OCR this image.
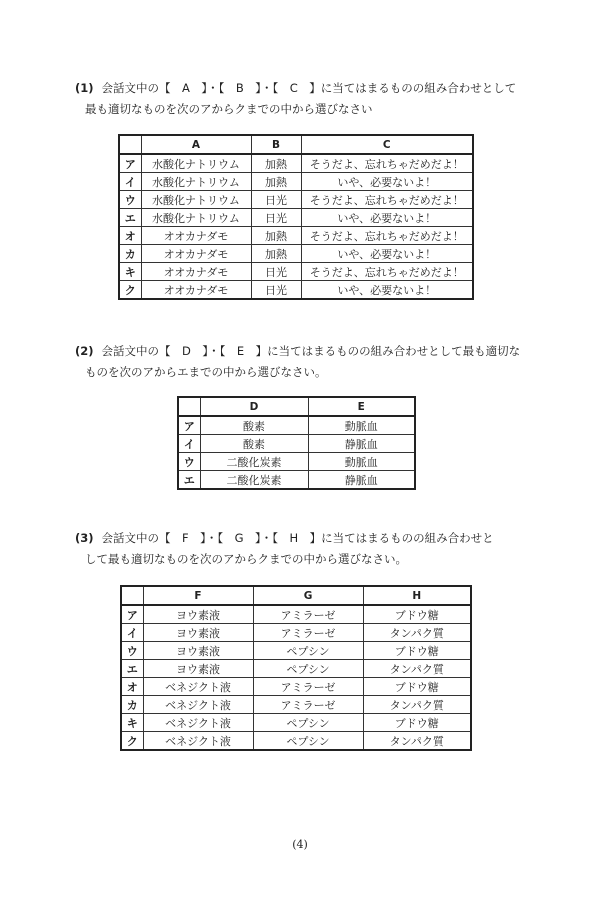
(1) 会話文中の【　A　】・【　B　】・【　C　】に当てはまるものの組み合わせとして
最も適切なものを次のアからクまでの中から選びなさい
	A	B	C
ア	水酸化ナトリウム	加熱	そうだよ、忘れちゃだめだよ！
イ	水酸化ナトリウム	加熱	いや、必要ないよ！
ウ	水酸化ナトリウム	日光	そうだよ、忘れちゃだめだよ！
エ	水酸化ナトリウム	日光	いや、必要ないよ！
オ	オオカナダモ	加熱	そうだよ、忘れちゃだめだよ！
カ	オオカナダモ	加熱	いや、必要ないよ！
キ	オオカナダモ	日光	そうだよ、忘れちゃだめだよ！
ク	オオカナダモ	日光	いや、必要ないよ！
(2) 会話文中の【　D　】・【　E　】に当てはまるものの組み合わせとして最も適切な
ものを次のアからエまでの中から選びなさい。
	D	E
ア	酸素	動脈血
イ	酸素	静脈血
ウ	二酸化炭素	動脈血
エ	二酸化炭素	静脈血
(3) 会話文中の【　F　】・【　G　】・【　H　】に当てはまるものの組み合わせと
して最も適切なものを次のアからクまでの中から選びなさい。
	F	G	H
ア	ヨウ素液	アミラーゼ	ブドウ糖
イ	ヨウ素液	アミラーゼ	タンパク質
ウ	ヨウ素液	ペプシン	ブドウ糖
エ	ヨウ素液	ペプシン	タンパク質
オ	ベネジクト液	アミラーゼ	ブドウ糖
カ	ベネジクト液	アミラーゼ	タンパク質
キ	ベネジクト液	ペプシン	ブドウ糖
ク	ベネジクト液	ペプシン	タンパク質
(4)
